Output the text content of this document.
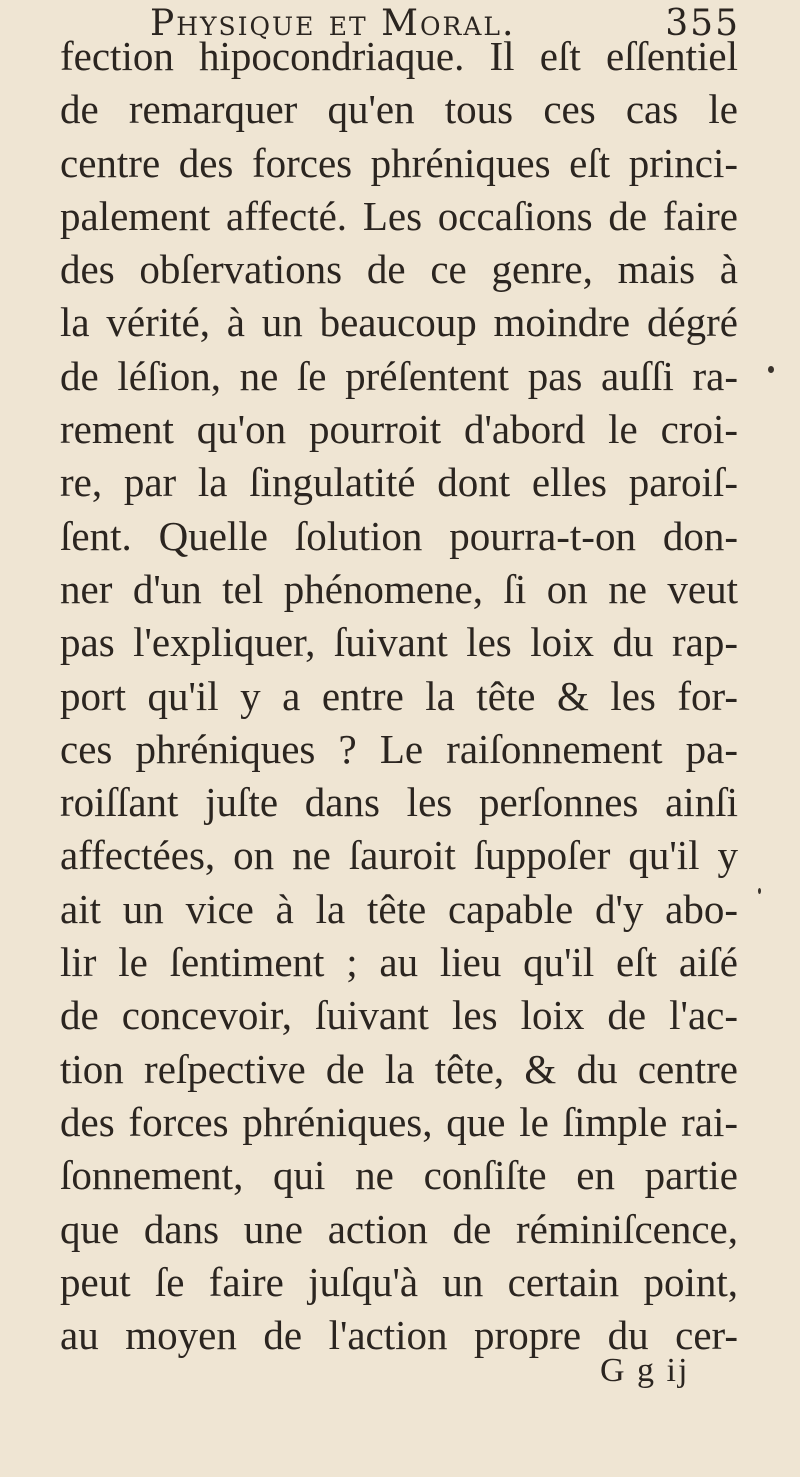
Physique et Moral.	355
fection hipocondriaque. Il eſt eſſentiel
de remarquer qu'en tous ces cas le
centre des forces phréniques eſt princi-
palement affecté. Les occaſions de faire
des obſervations de ce genre, mais à
la vérité, à un beaucoup moindre dégré
de léſion, ne ſe préſentent pas auſſi ra-
rement qu'on pourroit d'abord le croi-
re, par la ſingulatité dont elles paroiſ-
ſent. Quelle ſolution pourra-t-on don-
ner d'un tel phénomene, ſi on ne veut
pas l'expliquer, ſuivant les loix du rap-
port qu'il y a entre la tête & les for-
ces phréniques ? Le raiſonnement pa-
roiſſant juſte dans les perſonnes ainſi
affectées, on ne ſauroit ſuppoſer qu'il y
ait un vice à la tête capable d'y abo-
lir le ſentiment ; au lieu qu'il eſt aiſé
de concevoir, ſuivant les loix de l'ac-
tion reſpective de la tête, & du centre
des forces phréniques, que le ſimple rai-
ſonnement, qui ne conſiſte en partie
que dans une action de réminiſcence,
peut ſe faire juſqu'à un certain point,
au moyen de l'action propre du cer-
G g ij
